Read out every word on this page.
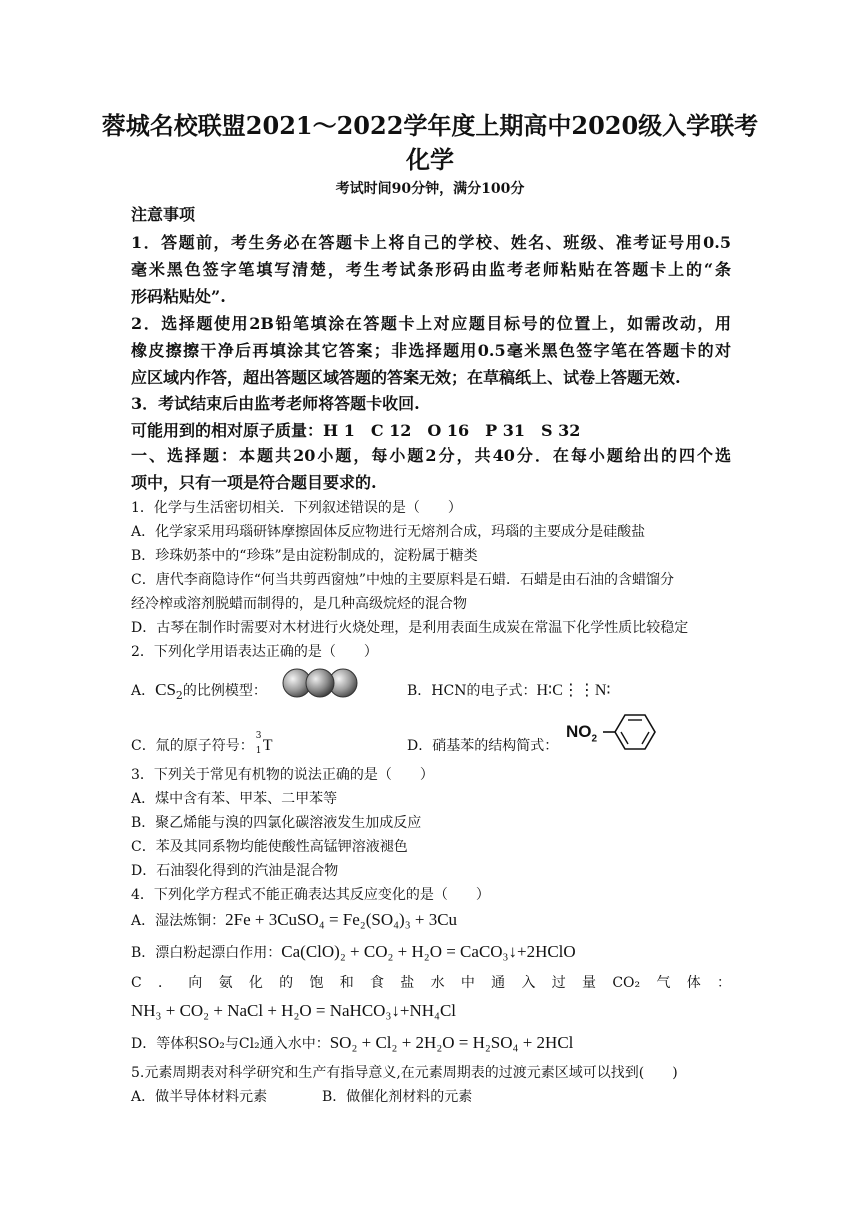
蓉城名校联盟2021～2022学年度上期高中2020级入学联考
化学
考试时间90分钟，满分100分
注意事项
1．答题前，考生务必在答题卡上将自己的学校、姓名、班级、准考证号用0.5
毫米黑色签字笔填写清楚，考生考试条形码由监考老师粘贴在答题卡上的“条
形码粘贴处”.
2．选择题使用2B铅笔填涂在答题卡上对应题目标号的位置上，如需改动，用
橡皮擦擦干净后再填涂其它答案；非选择题用0.5毫米黑色签字笔在答题卡的对
应区域内作答，超出答题区域答题的答案无效；在草稿纸上、试卷上答题无效.
3．考试结束后由监考老师将答题卡收回.
可能用到的相对原子质量：H 1　C 12　O 16　P 31　S 32
一、选择题：本题共20小题，每小题2分，共40分．在每小题给出的四个选
项中，只有一项是符合题目要求的.
1．化学与生活密切相关．下列叙述错误的是（　　）
A．化学家采用玛瑙研钵摩擦固体反应物进行无熔剂合成，玛瑙的主要成分是硅酸盐
B．珍珠奶茶中的“珍珠”是由淀粉制成的，淀粉属于糖类
C．唐代李商隐诗作“何当共剪西窗烛”中烛的主要原料是石蜡．石蜡是由石油的含蜡馏分
经冷榨或溶剂脱蜡而制得的，是几种高级烷烃的混合物
D．古琴在制作时需要对木材进行火烧处理，是利用表面生成炭在常温下化学性质比较稳定
2．下列化学用语表达正确的是（　　）
A．$CS_2$的比例模型：	B．HCN的电子式：H∶C⋮⋮N∶
C．氚的原子符号：
3
1 T	D．硝基苯的结构简式：
$NO_2$
3．下列关于常见有机物的说法正确的是（　　）
A．煤中含有苯、甲苯、二甲苯等
B．聚乙烯能与溴的四氯化碳溶液发生加成反应
C．苯及其同系物均能使酸性高锰钾溶液褪色
D．石油裂化得到的汽油是混合物
4．下列化学方程式不能正确表达其反应变化的是（　　）
A．湿法炼铜：2Fe + 3CuSO₄ = Fe₂(SO₄)₃ + 3Cu
B．漂白粉起漂白作用：Ca(ClO)₂ + CO₂ + H₂O = CaCO₃↓+2HClO
C．向氨化的饱和食盐水中通入过量CO₂气体：
NH₃ + CO₂ + NaCl + H₂O = NaHCO₃↓+NH₄Cl
D．等体积SO₂与Cl₂通入水中：SO₂ + Cl₂ + 2H₂O = H₂SO₄ + 2HCl
5.元素周期表对科学研究和生产有指导意义,在元素周期表的过渡元素区域可以找到(　　)
A．做半导体材料元素	B．做催化剂材料的元素
